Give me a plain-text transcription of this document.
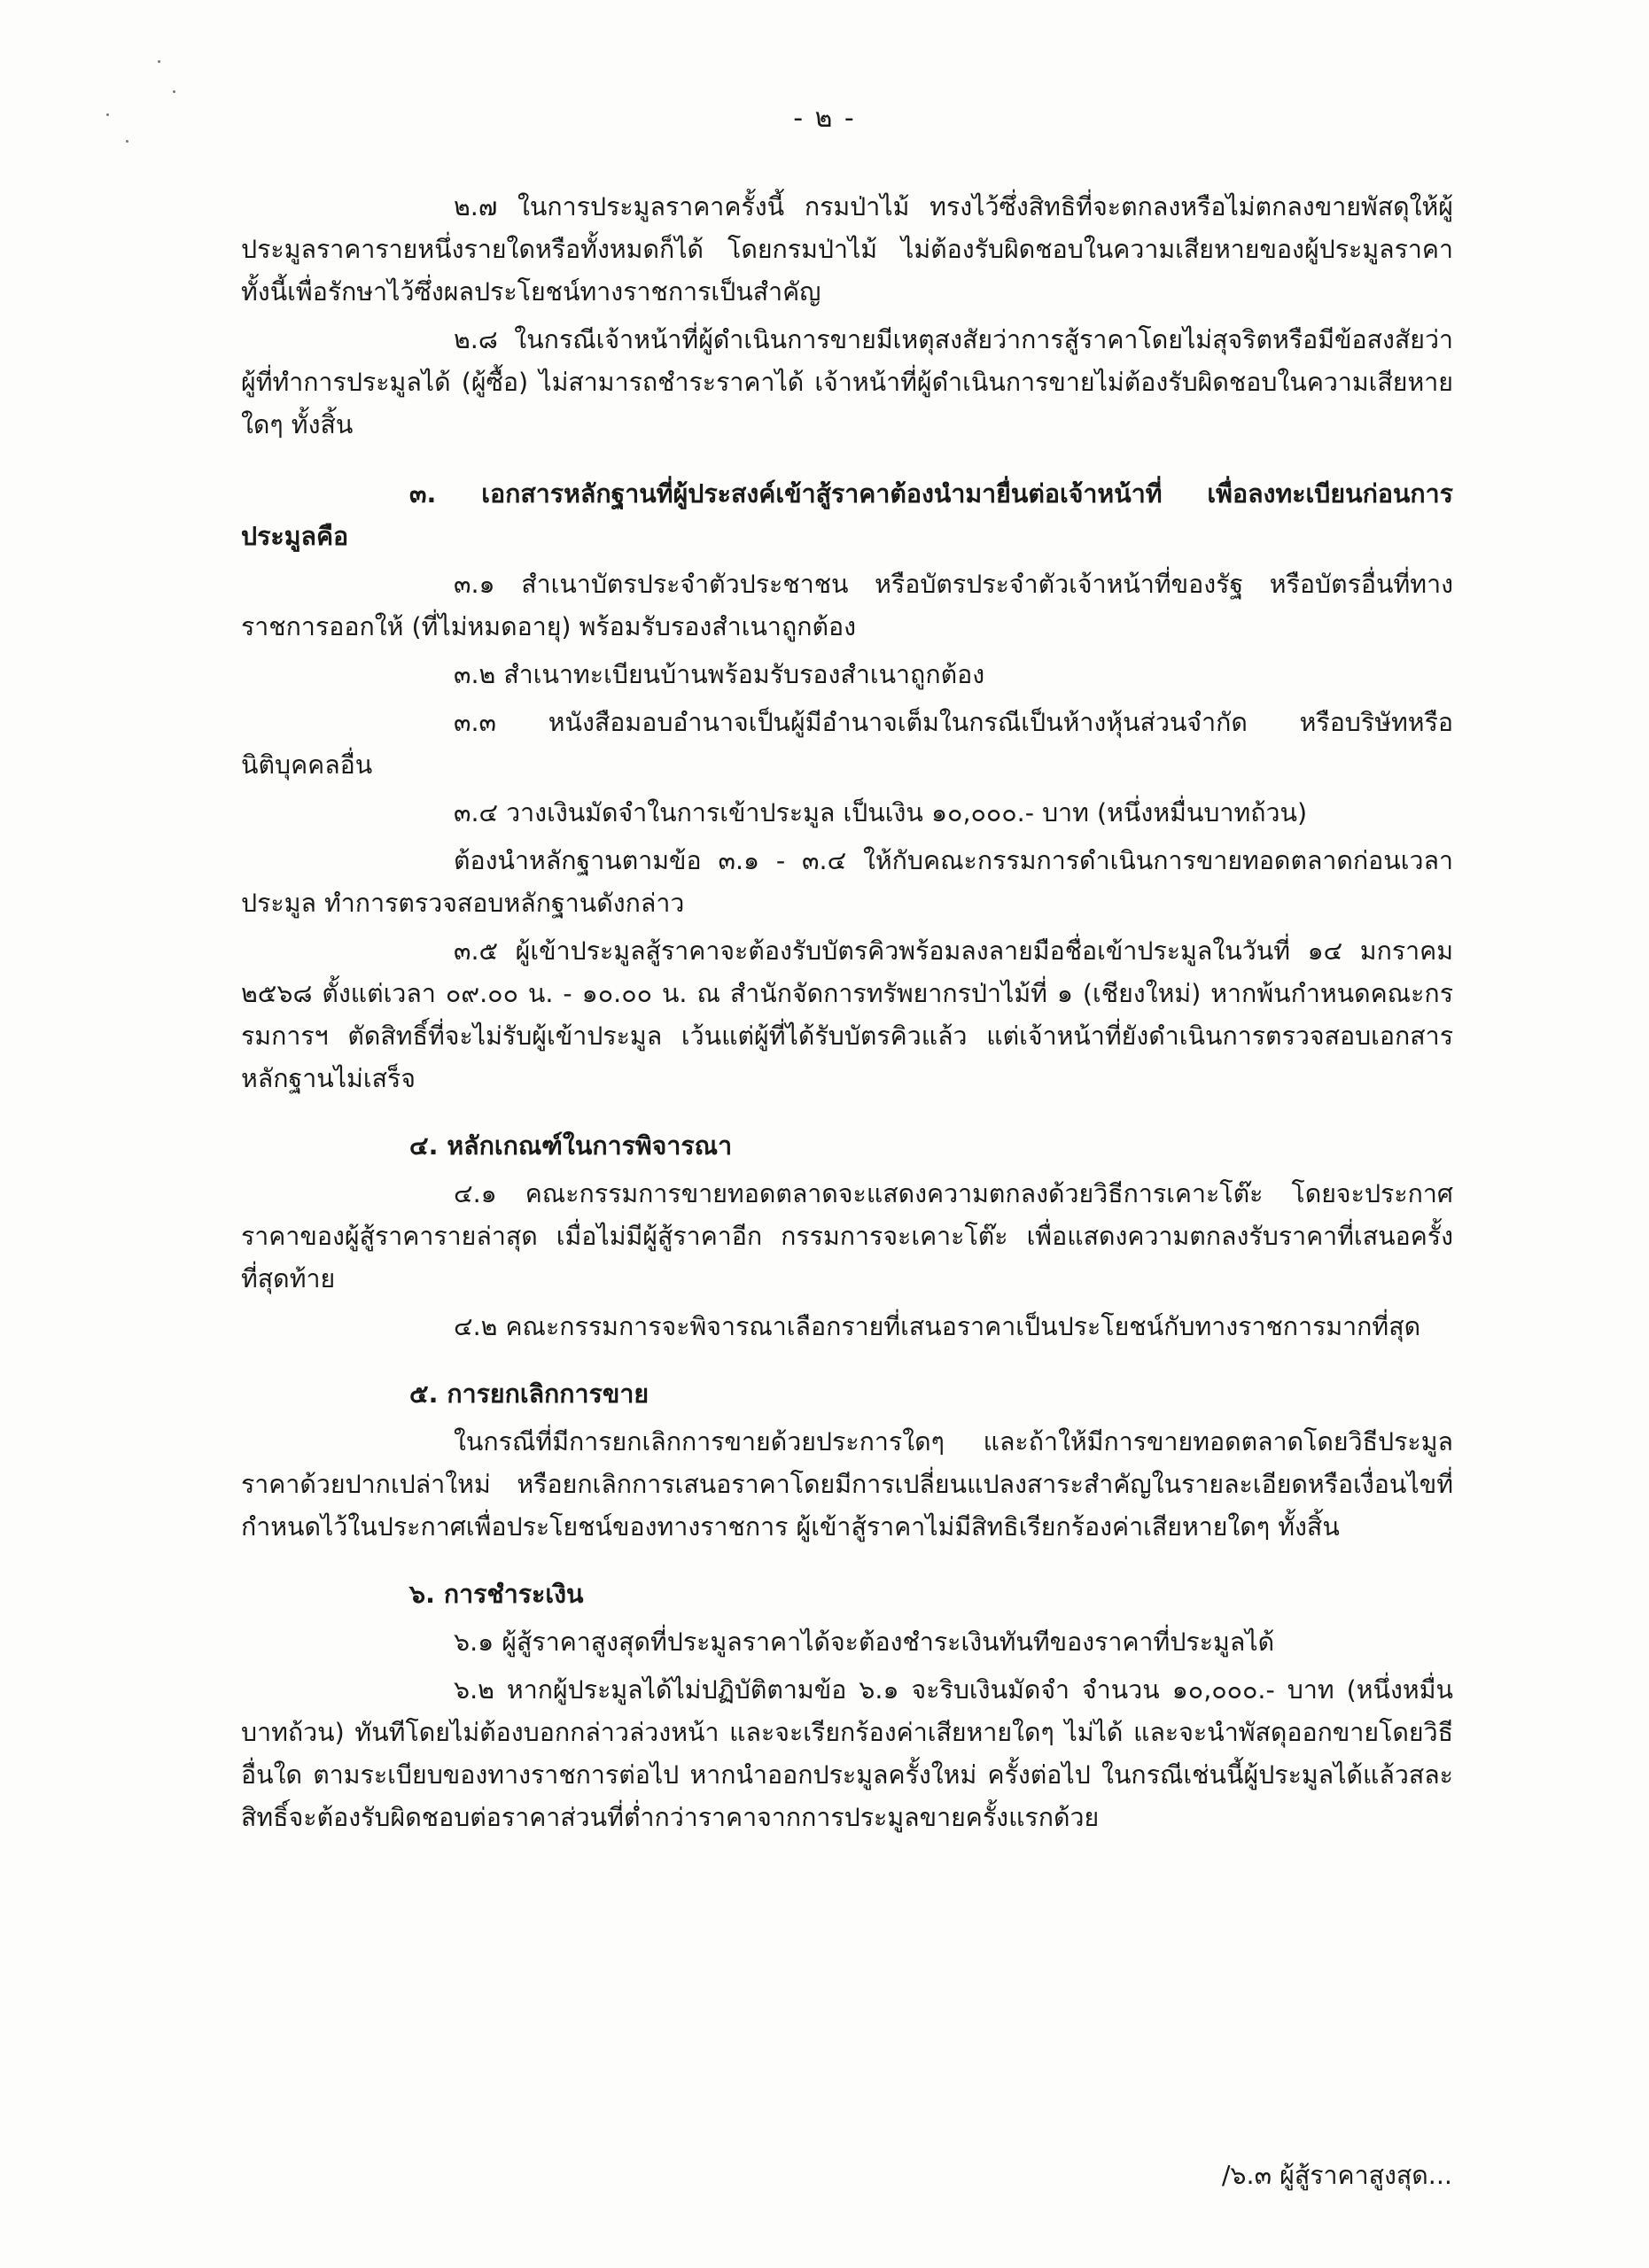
- ๒ -

๒.๗ ในการประมูลราคาครั้งนี้ กรมป่าไม้ ทรงไว้ซึ่งสิทธิที่จะตกลงหรือไม่ตกลงขายพัสดุให้ผู้ประมูลราคารายหนึ่งรายใดหรือทั้งหมดก็ได้ โดยกรมป่าไม้ ไม่ต้องรับผิดชอบในความเสียหายของผู้ประมูลราคา ทั้งนี้เพื่อรักษาไว้ซึ่งผลประโยชน์ทางราชการเป็นสำคัญ

๒.๘ ในกรณีเจ้าหน้าที่ผู้ดำเนินการขายมีเหตุสงสัยว่าการสู้ราคาโดยไม่สุจริตหรือมีข้อสงสัยว่าผู้ที่ทำการประมูลได้ (ผู้ซื้อ) ไม่สามารถชำระราคาได้ เจ้าหน้าที่ผู้ดำเนินการขายไม่ต้องรับผิดชอบในความเสียหายใดๆ ทั้งสิ้น

๓. เอกสารหลักฐานที่ผู้ประสงค์เข้าสู้ราคาต้องนำมายื่นต่อเจ้าหน้าที่ เพื่อลงทะเบียนก่อนการประมูลคือ

๓.๑ สำเนาบัตรประจำตัวประชาชน หรือบัตรประจำตัวเจ้าหน้าที่ของรัฐ หรือบัตรอื่นที่ทางราชการออกให้ (ที่ไม่หมดอายุ) พร้อมรับรองสำเนาถูกต้อง

๓.๒ สำเนาทะเบียนบ้านพร้อมรับรองสำเนาถูกต้อง

๓.๓ หนังสือมอบอำนาจเป็นผู้มีอำนาจเต็มในกรณีเป็นห้างหุ้นส่วนจำกัด หรือบริษัทหรือนิติบุคคลอื่น

๓.๔ วางเงินมัดจำในการเข้าประมูล เป็นเงิน ๑๐,๐๐๐.- บาท (หนึ่งหมื่นบาทถ้วน)

ต้องนำหลักฐานตามข้อ ๓.๑ - ๓.๔ ให้กับคณะกรรมการดำเนินการขายทอดตลาดก่อนเวลาประมูล ทำการตรวจสอบหลักฐานดังกล่าว

๓.๕ ผู้เข้าประมูลสู้ราคาจะต้องรับบัตรคิวพร้อมลงลายมือชื่อเข้าประมูลในวันที่ ๑๔ มกราคม ๒๕๖๘ ตั้งแต่เวลา ๐๙.๐๐ น. - ๑๐.๐๐ น. ณ สำนักจัดการทรัพยากรป่าไม้ที่ ๑ (เชียงใหม่) หากพ้นกำหนดคณะกรรมการฯ ตัดสิทธิ์ที่จะไม่รับผู้เข้าประมูล เว้นแต่ผู้ที่ได้รับบัตรคิวแล้ว แต่เจ้าหน้าที่ยังดำเนินการตรวจสอบเอกสารหลักฐานไม่เสร็จ

๔. หลักเกณฑ์ในการพิจารณา

๔.๑ คณะกรรมการขายทอดตลาดจะแสดงความตกลงด้วยวิธีการเคาะโต๊ะ โดยจะประกาศราคาของผู้สู้ราคารายล่าสุด เมื่อไม่มีผู้สู้ราคาอีก กรรมการจะเคาะโต๊ะ เพื่อแสดงความตกลงรับราคาที่เสนอครั้งที่สุดท้าย

๔.๒ คณะกรรมการจะพิจารณาเลือกรายที่เสนอราคาเป็นประโยชน์กับทางราชการมากที่สุด

๕. การยกเลิกการขาย

ในกรณีที่มีการยกเลิกการขายด้วยประการใดๆ และถ้าให้มีการขายทอดตลาดโดยวิธีประมูลราคาด้วยปากเปล่าใหม่ หรือยกเลิกการเสนอราคาโดยมีการเปลี่ยนแปลงสาระสำคัญในรายละเอียดหรือเงื่อนไขที่กำหนดไว้ในประกาศเพื่อประโยชน์ของทางราชการ ผู้เข้าสู้ราคาไม่มีสิทธิเรียกร้องค่าเสียหายใดๆ ทั้งสิ้น

๖. การชำระเงิน

๖.๑ ผู้สู้ราคาสูงสุดที่ประมูลราคาได้จะต้องชำระเงินทันทีของราคาที่ประมูลได้

๖.๒ หากผู้ประมูลได้ไม่ปฏิบัติตามข้อ ๖.๑ จะริบเงินมัดจำ จำนวน ๑๐,๐๐๐.- บาท (หนึ่งหมื่นบาทถ้วน) ทันทีโดยไม่ต้องบอกกล่าวล่วงหน้า และจะเรียกร้องค่าเสียหายใดๆ ไม่ได้ และจะนำพัสดุออกขายโดยวิธีอื่นใด ตามระเบียบของทางราชการต่อไป หากนำออกประมูลครั้งใหม่ ครั้งต่อไป ในกรณีเช่นนี้ผู้ประมูลได้แล้วสละสิทธิ์จะต้องรับผิดชอบต่อราคาส่วนที่ต่ำกว่าราคาจากการประมูลขายครั้งแรกด้วย

/๖.๓ ผู้สู้ราคาสูงสุด...
